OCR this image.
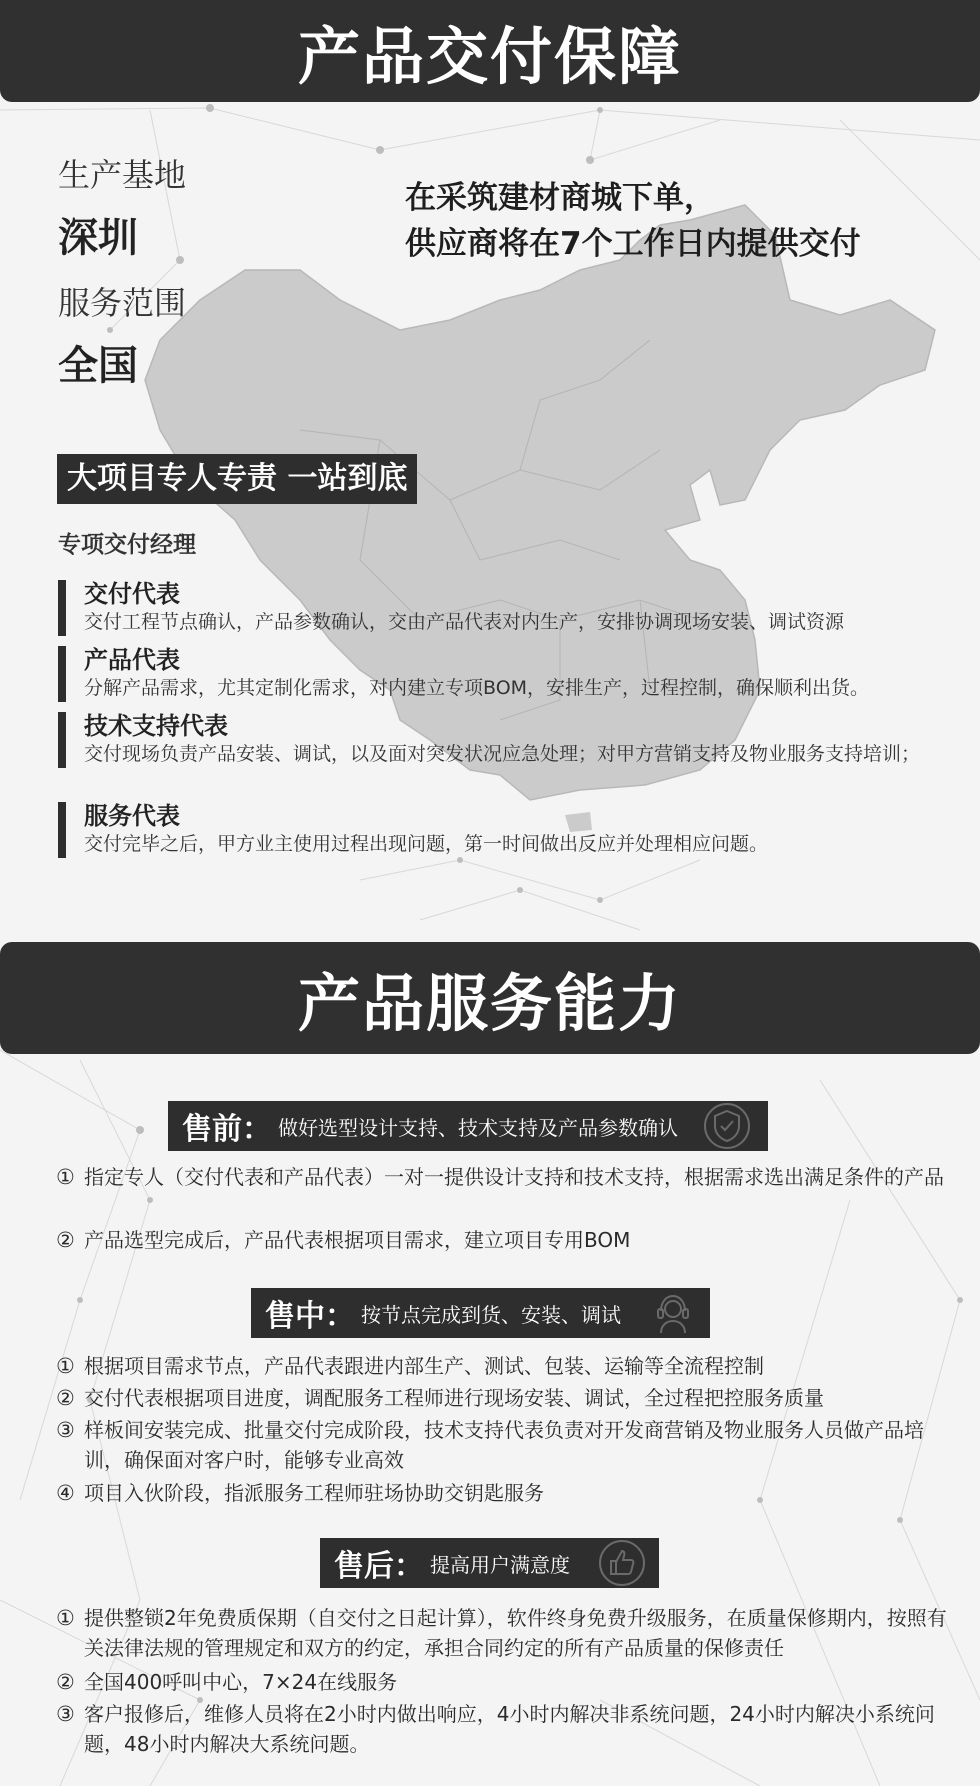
产品交付保障
生产基地
深圳
服务范围
全国
在采筑建材商城下单，
供应商将在7个工作日内提供交付
大项目专人专责 一站到底
专项交付经理
交付代表
交付工程节点确认，产品参数确认，交由产品代表对内生产，安排协调现场安装、调试资源
产品代表
分解产品需求，尤其定制化需求，对内建立专项BOM，安排生产，过程控制，确保顺利出货。
技术支持代表
交付现场负责产品安装、调试，以及面对突发状况应急处理；对甲方营销支持及物业服务支持培训；
服务代表
交付完毕之后，甲方业主使用过程出现问题，第一时间做出反应并处理相应问题。
产品服务能力
售前 ： 做好选型设计支持、技术支持及产品参数确认
① 指定专人（交付代表和产品代表）一对一提供设计支持和技术支持，根据需求选出满足条件的产品
② 产品选型完成后，产品代表根据项目需求，建立项目专用BOM
售中 ： 按节点完成到货、安装、调试
① 根据项目需求节点，产品代表跟进内部生产、测试、包装、运输等全流程控制
② 交付代表根据项目进度，调配服务工程师进行现场安装、调试，全过程把控服务质量
③ 样板间安装完成、批量交付完成阶段，技术支持代表负责对开发商营销及物业服务人员做产品培训，确保面对客户时，能够专业高效
④ 项目入伙阶段，指派服务工程师驻场协助交钥匙服务
售后 ： 提高用户满意度
① 提供整锁2年免费质保期（自交付之日起计算），软件终身免费升级服务，在质量保修期内，按照有关法律法规的管理规定和双方的约定，承担合同约定的所有产品质量的保修责任
② 全国400呼叫中心，7×24在线服务
③ 客户报修后，维修人员将在2小时内做出响应，4小时内解决非系统问题，24小时内解决小系统问题，48小时内解决大系统问题。
